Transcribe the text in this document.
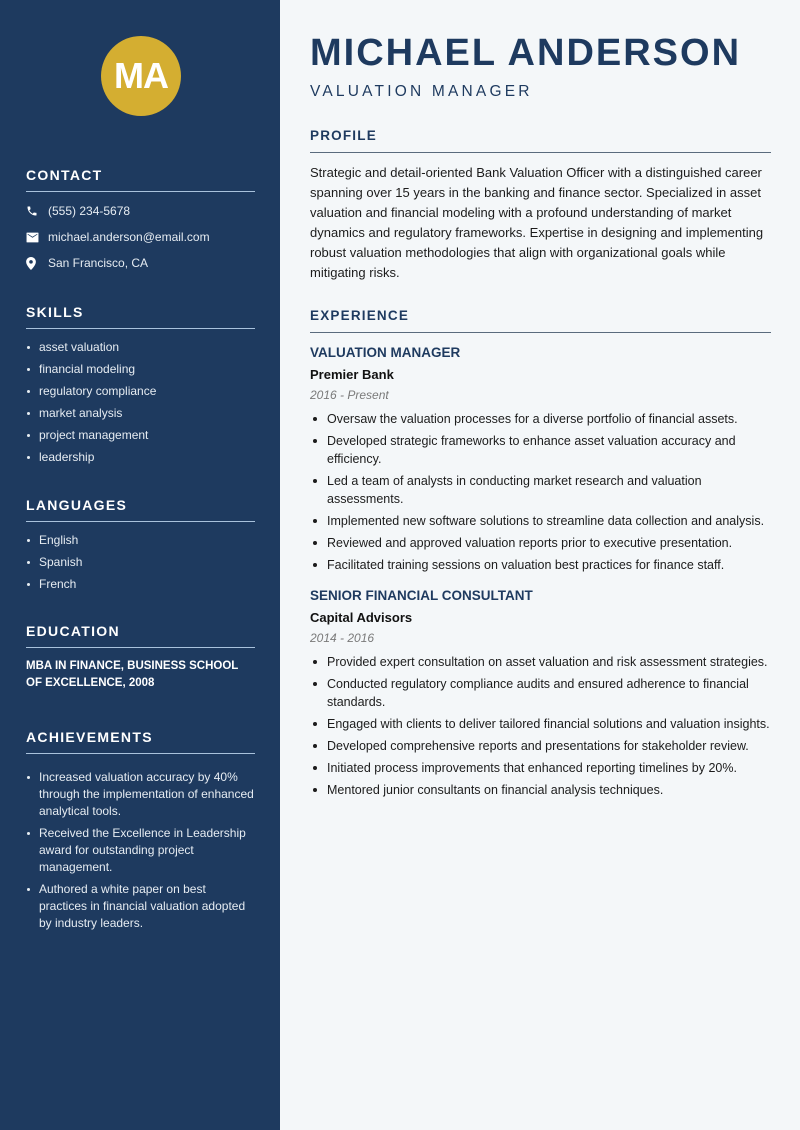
MA
CONTACT
(555) 234-5678
michael.anderson@email.com
San Francisco, CA
SKILLS
asset valuation
financial modeling
regulatory compliance
market analysis
project management
leadership
LANGUAGES
English
Spanish
French
EDUCATION

MBA IN FINANCE, BUSINESS SCHOOL OF EXCELLENCE, 2008

ACHIEVEMENTS
Increased valuation accuracy by 40% through the implementation of enhanced analytical tools.
Received the Excellence in Leadership award for outstanding project management.
Authored a white paper on best practices in financial valuation adopted by industry leaders.
MICHAEL ANDERSON
VALUATION MANAGER
PROFILE

Strategic and detail-oriented Bank Valuation Officer with a distinguished career spanning over 15 years in the banking and finance sector. Specialized in asset valuation and financial modeling with a profound understanding of market dynamics and regulatory frameworks. Expertise in designing and implementing robust valuation methodologies that align with organizational goals while mitigating risks.

EXPERIENCE
VALUATION MANAGER
Premier Bank
2016 - Present
Oversaw the valuation processes for a diverse portfolio of financial assets.
Developed strategic frameworks to enhance asset valuation accuracy and efficiency.
Led a team of analysts in conducting market research and valuation assessments.
Implemented new software solutions to streamline data collection and analysis.
Reviewed and approved valuation reports prior to executive presentation.
Facilitated training sessions on valuation best practices for finance staff.
SENIOR FINANCIAL CONSULTANT
Capital Advisors
2014 - 2016
Provided expert consultation on asset valuation and risk assessment strategies.
Conducted regulatory compliance audits and ensured adherence to financial standards.
Engaged with clients to deliver tailored financial solutions and valuation insights.
Developed comprehensive reports and presentations for stakeholder review.
Initiated process improvements that enhanced reporting timelines by 20%.
Mentored junior consultants on financial analysis techniques.
